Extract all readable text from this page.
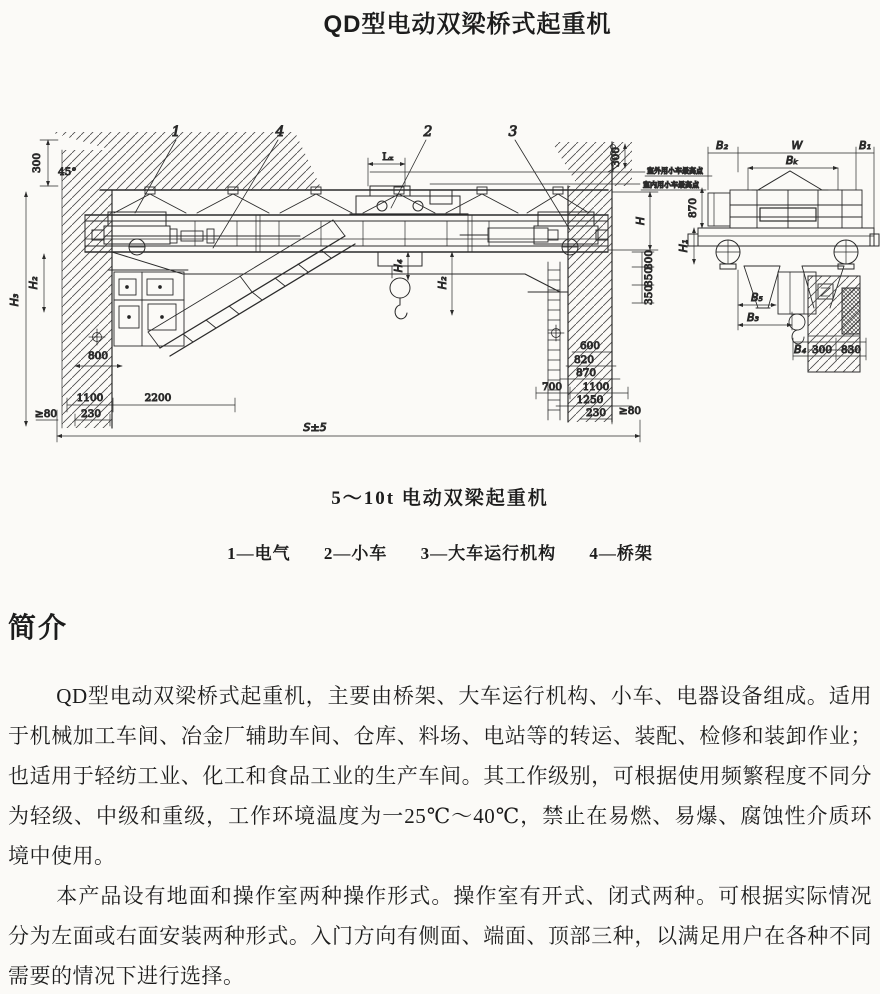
QD型电动双梁桥式起重机
1	4	2	3
300 45°
H₂
H₃
800
1100	2200
≥80 230
Lₓ
H₄
H₂
H
300
350
350
300
600
820
870
700 1100
1250
230 ≥80
S±5
室外用小车最高点
室内用小车最高点
B₂	W	B₁
Bₖ
870
H₁
B₅
B₃
B₄ 300 830
5～10t 电动双梁起重机
1—电气 2—小车 3—大车运行机构 4—桥架
简介

QD型电动双梁桥式起重机，主要由桥架、大车运行机构、小车、电器设备组成。适用于机械加工车间、冶金厂辅助车间、仓库、料场、电站等的转运、装配、检修和装卸作业；也适用于轻纺工业、化工和食品工业的生产车间。其工作级别，可根据使用频繁程度不同分为轻级、中级和重级，工作环境温度为一25℃～40℃，禁止在易燃、易爆、腐蚀性介质环境中使用。

本产品设有地面和操作室两种操作形式。操作室有开式、闭式两种。可根据实际情况分为左面或右面安装两种形式。入门方向有侧面、端面、顶部三种，以满足用户在各种不同需要的情况下进行选择。
